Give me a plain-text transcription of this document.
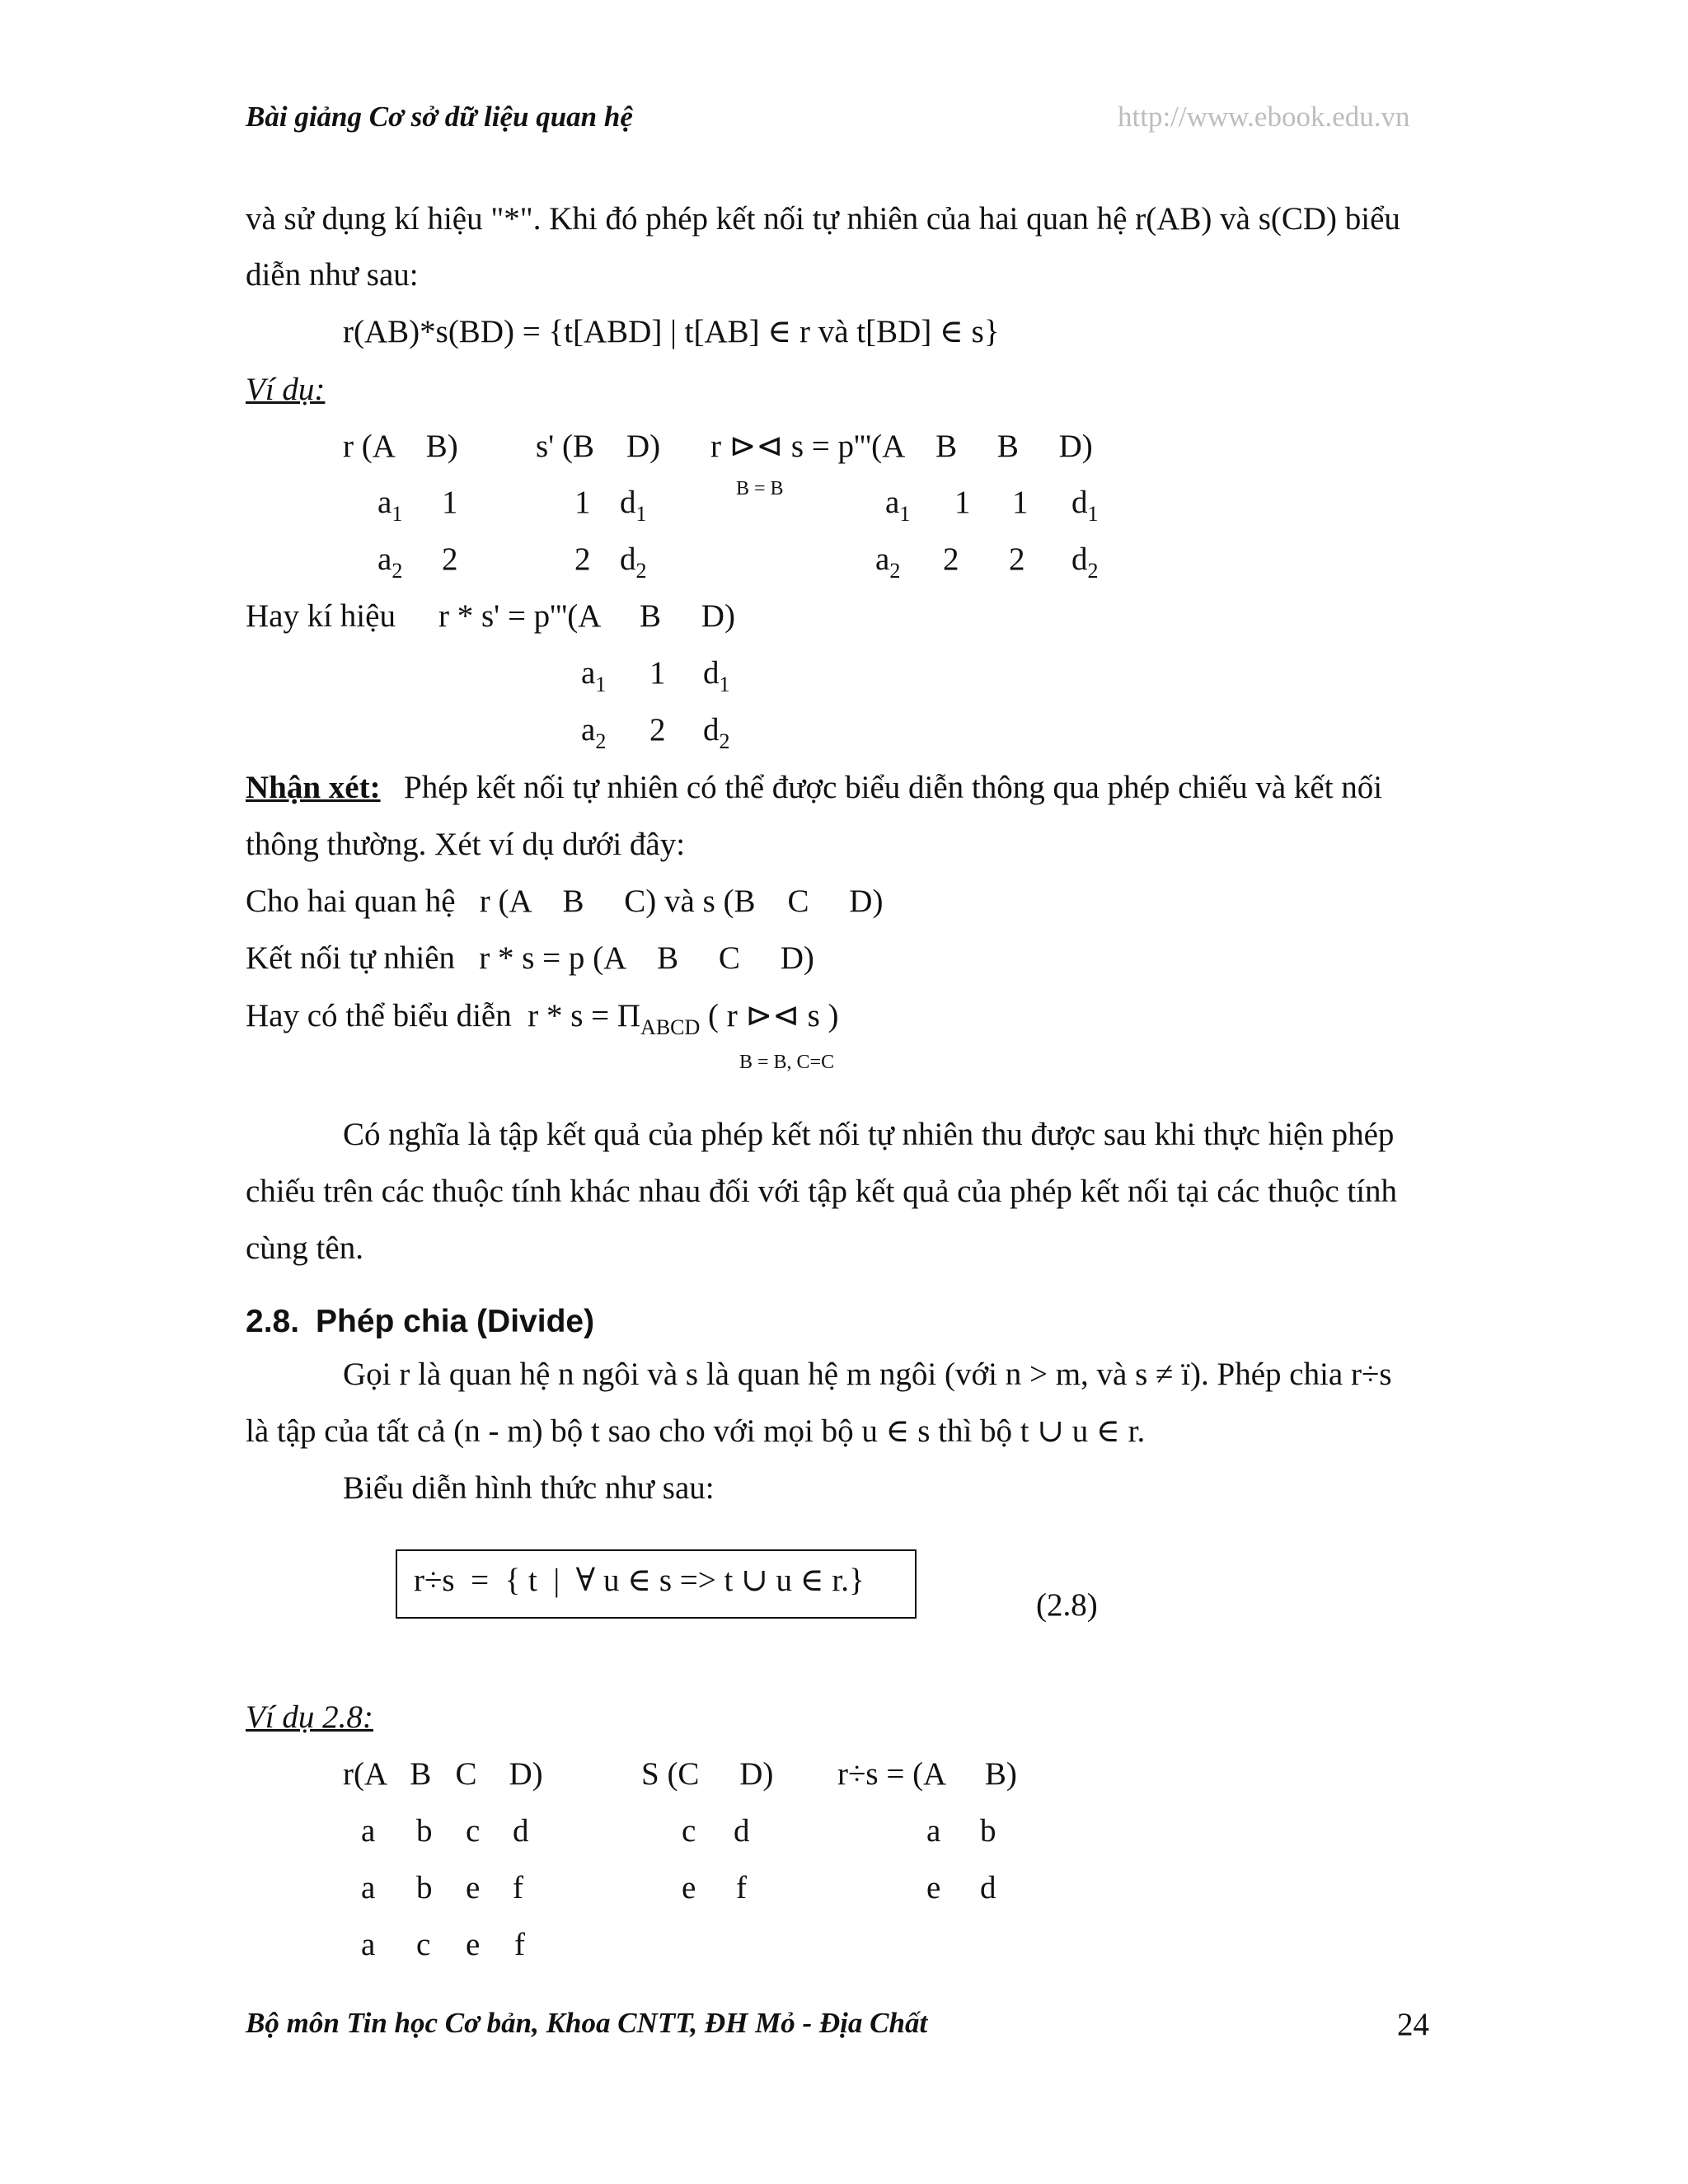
Bài giảng Cơ sở dữ liệu quan hệ	http://www.ebook.edu.vn
và sử dụng kí hiệu "*". Khi đó phép kết nối tự nhiên của hai quan hệ r(AB) và s(CD) biểu
diễn như sau:
r(AB)*s(BD) = {t[ABD] | t[AB] ∈ r và t[BD] ∈ s}
Ví dụ:
r (A    B) s' (B    D) r ⊳⊲ s = p'''(A    B     B     D)
B = B
$a_1$ 1	1 $d_1$	$a_1$ 1 1 $d_1$
$a_2$ 2	2 $d_2$	$a_2$ 2 2 $d_2$
Hay kí hiệu r * s' = p'''(A     B     D)
$a_1$ 1 $d_1$
$a_2$ 2 $d_2$
Nhận xét: Phép kết nối tự nhiên có thể được biểu diễn thông qua phép chiếu và kết nối
thông thường. Xét ví dụ dưới đây:
Cho hai quan hệ   r (A    B     C) và s (B    C     D)
Kết nối tự nhiên   r * s = p (A    B     C     D)
Hay có thể biểu diễn  $r * s = \Pi_{ABCD}$ ( r ⊳⊲ s )
B = B, C=C
Có nghĩa là tập kết quả của phép kết nối tự nhiên thu được sau khi thực hiện phép
chiếu trên các thuộc tính khác nhau đối với tập kết quả của phép kết nối tại các thuộc tính
cùng tên.
2.8. Phép chia (Divide)
Gọi r là quan hệ n ngôi và s là quan hệ m ngôi (với n > m, và s ≠ ï). Phép chia r÷s
là tập của tất cả (n - m) bộ t sao cho với mọi bộ u ∈ s thì bộ t ∪ u ∈ r.
Biểu diễn hình thức như sau:
r÷s  =  { t  |  ∀ u ∈ s => t ∪ u ∈ r.}
(2.8)
Ví dụ 2.8:
r(A   B   C    D)	S (C     D) r÷s = (A     B)
a b c d	c d	a b
a b e f	e f	e d
a c e f
Bộ môn Tin học Cơ bản, Khoa CNTT, ĐH Mỏ - Địa Chất	24
